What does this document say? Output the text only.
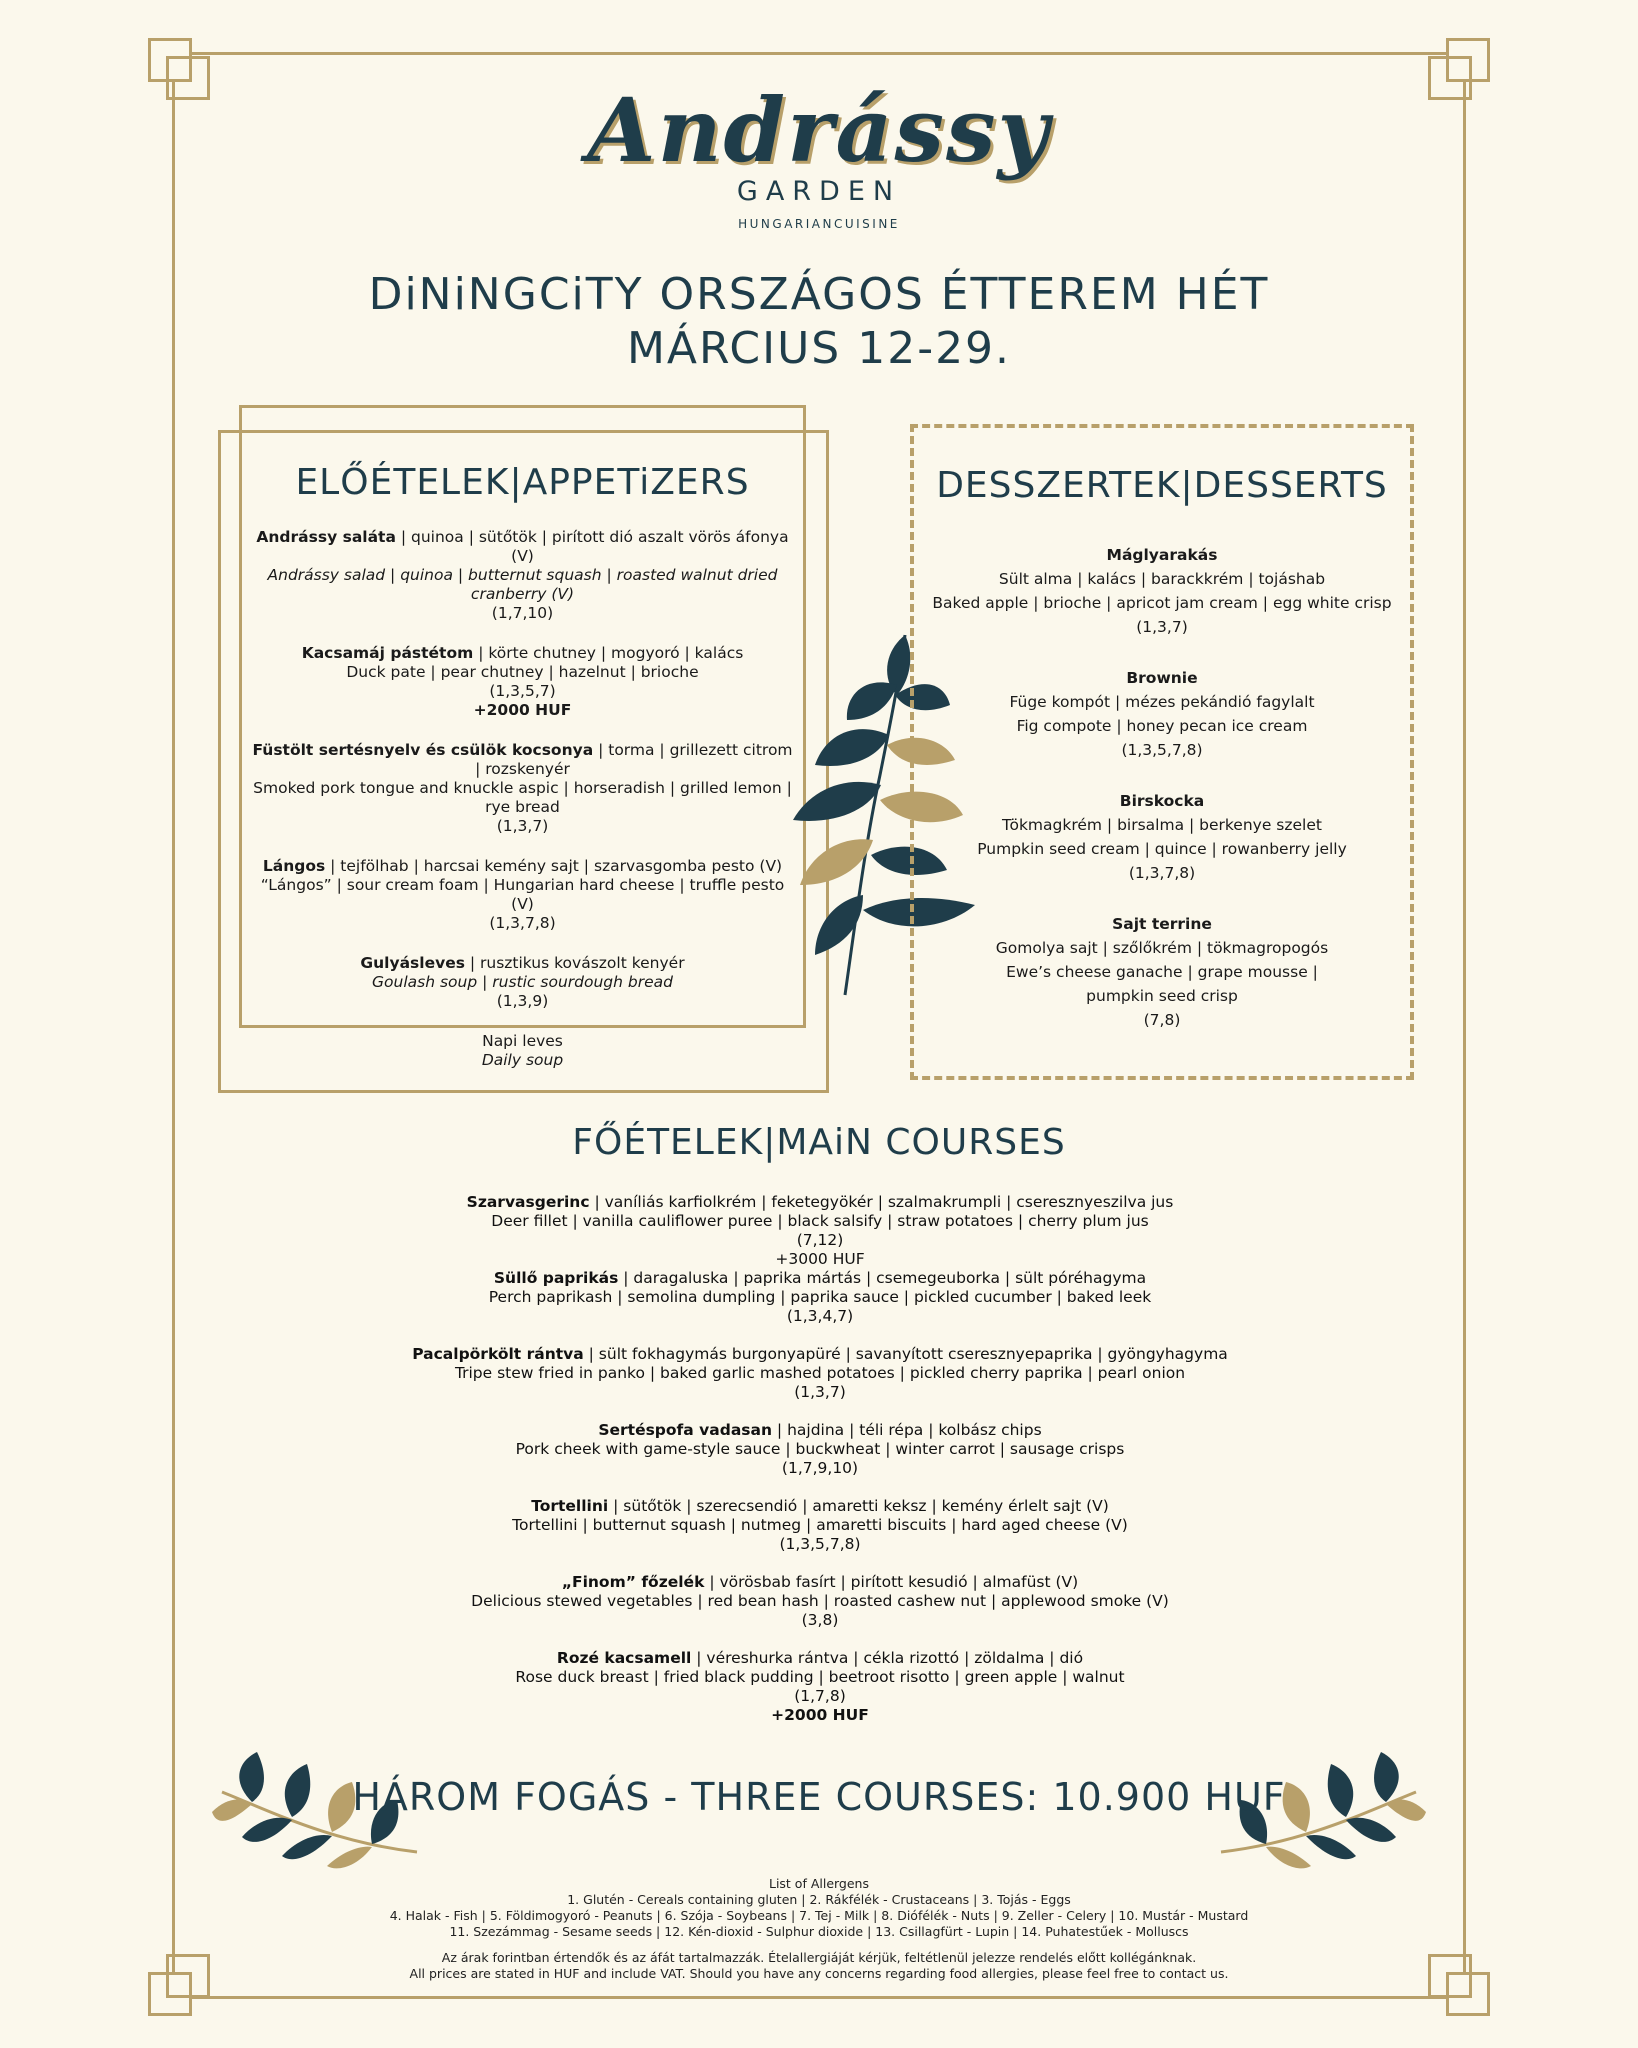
Andrássy
GARDEN
HUNGARIANCUISINE
DiNiNGCiTY ORSZÁGOS ÉTTEREM HÉT
MÁRCIUS 12-29.
ELŐÉTELEK|APPETiZERS
Andrássy saláta | quinoa | sütőtök | pirított dió aszalt vörös áfonya (V)
Andrássy salad | quinoa | butternut squash | roasted walnut dried cranberry (V)
(1,7,10)
Kacsamáj pástétom | körte chutney | mogyoró | kalács
Duck pate | pear chutney | hazelnut | brioche
(1,3,5,7)
+2000 HUF
Füstölt sertésnyelv és csülök kocsonya | torma | grillezett citrom | rozskenyér
Smoked pork tongue and knuckle aspic | horseradish | grilled lemon | rye bread
(1,3,7)
Lángos | tejfölhab | harcsai kemény sajt | szarvasgomba pesto (V)
“Lángos” | sour cream foam | Hungarian hard cheese | truffle pesto (V)
(1,3,7,8)
Gulyásleves | rusztikus kovászolt kenyér
Goulash soup | rustic sourdough bread
(1,3,9)
Napi leves
Daily soup
DESSZERTEK|DESSERTS
Máglyarakás
Sült alma | kalács | barackkrém | tojáshab
Baked apple | brioche | apricot jam cream | egg white crisp
(1,3,7)
Brownie
Füge kompót | mézes pekándió fagylalt
Fig compote | honey pecan ice cream
(1,3,5,7,8)
Birskocka
Tökmagkrém | birsalma | berkenye szelet
Pumpkin seed cream | quince | rowanberry jelly
(1,3,7,8)
Sajt terrine
Gomolya sajt | szőlőkrém | tökmagropogós
Ewe’s cheese ganache | grape mousse | pumpkin seed crisp
(7,8)
FŐÉTELEK|MAiN COURSES
Szarvasgerinc | vaníliás karfiolkrém | feketegyökér | szalmakrumpli | cseresznyeszilva jus
Deer fillet | vanilla cauliflower puree | black salsify | straw potatoes | cherry plum jus
(7,12)
+3000 HUF
Süllő paprikás | daragaluska | paprika mártás | csemegeuborka | sült póréhagyma
Perch paprikash | semolina dumpling | paprika sauce | pickled cucumber | baked leek
(1,3,4,7)
Pacalpörkölt rántva | sült fokhagymás burgonyapüré | savanyított cseresznyepaprika | gyöngyhagyma
Tripe stew fried in panko | baked garlic mashed potatoes | pickled cherry paprika | pearl onion
(1,3,7)
Sertéspofa vadasan | hajdina | téli répa | kolbász chips
Pork cheek with game-style sauce | buckwheat | winter carrot | sausage crisps
(1,7,9,10)
Tortellini | sütőtök | szerecsendió | amaretti keksz | kemény érlelt sajt (V)
Tortellini | butternut squash | nutmeg | amaretti biscuits | hard aged cheese (V)
(1,3,5,7,8)
„Finom” főzelék | vörösbab fasírt | pirított kesudió | almafüst (V)
Delicious stewed vegetables | red bean hash | roasted cashew nut | applewood smoke (V)
(3,8)
Rozé kacsamell | véreshurka rántva | cékla rizottó | zöldalma | dió
Rose duck breast | fried black pudding | beetroot risotto | green apple | walnut
(1,7,8)
+2000 HUF
HÁROM FOGÁS - THREE COURSES: 10.900 HUF
List of Allergens
1. Glutén - Cereals containing gluten | 2. Rákfélék - Crustaceans | 3. Tojás - Eggs
4. Halak - Fish | 5. Földimogyoró - Peanuts | 6. Szója - Soybeans | 7. Tej - Milk | 8. Diófélék - Nuts | 9. Zeller - Celery | 10. Mustár - Mustard
11. Szezámmag - Sesame seeds | 12. Kén-dioxid - Sulphur dioxide | 13. Csillagfürt - Lupin | 14. Puhatestűek - Molluscs
Az árak forintban értendők és az áfát tartalmazzák. Ételallergiáját kérjük, feltétlenül jelezze rendelés előtt kollégánknak.
All prices are stated in HUF and include VAT. Should you have any concerns regarding food allergies, please feel free to contact us.
